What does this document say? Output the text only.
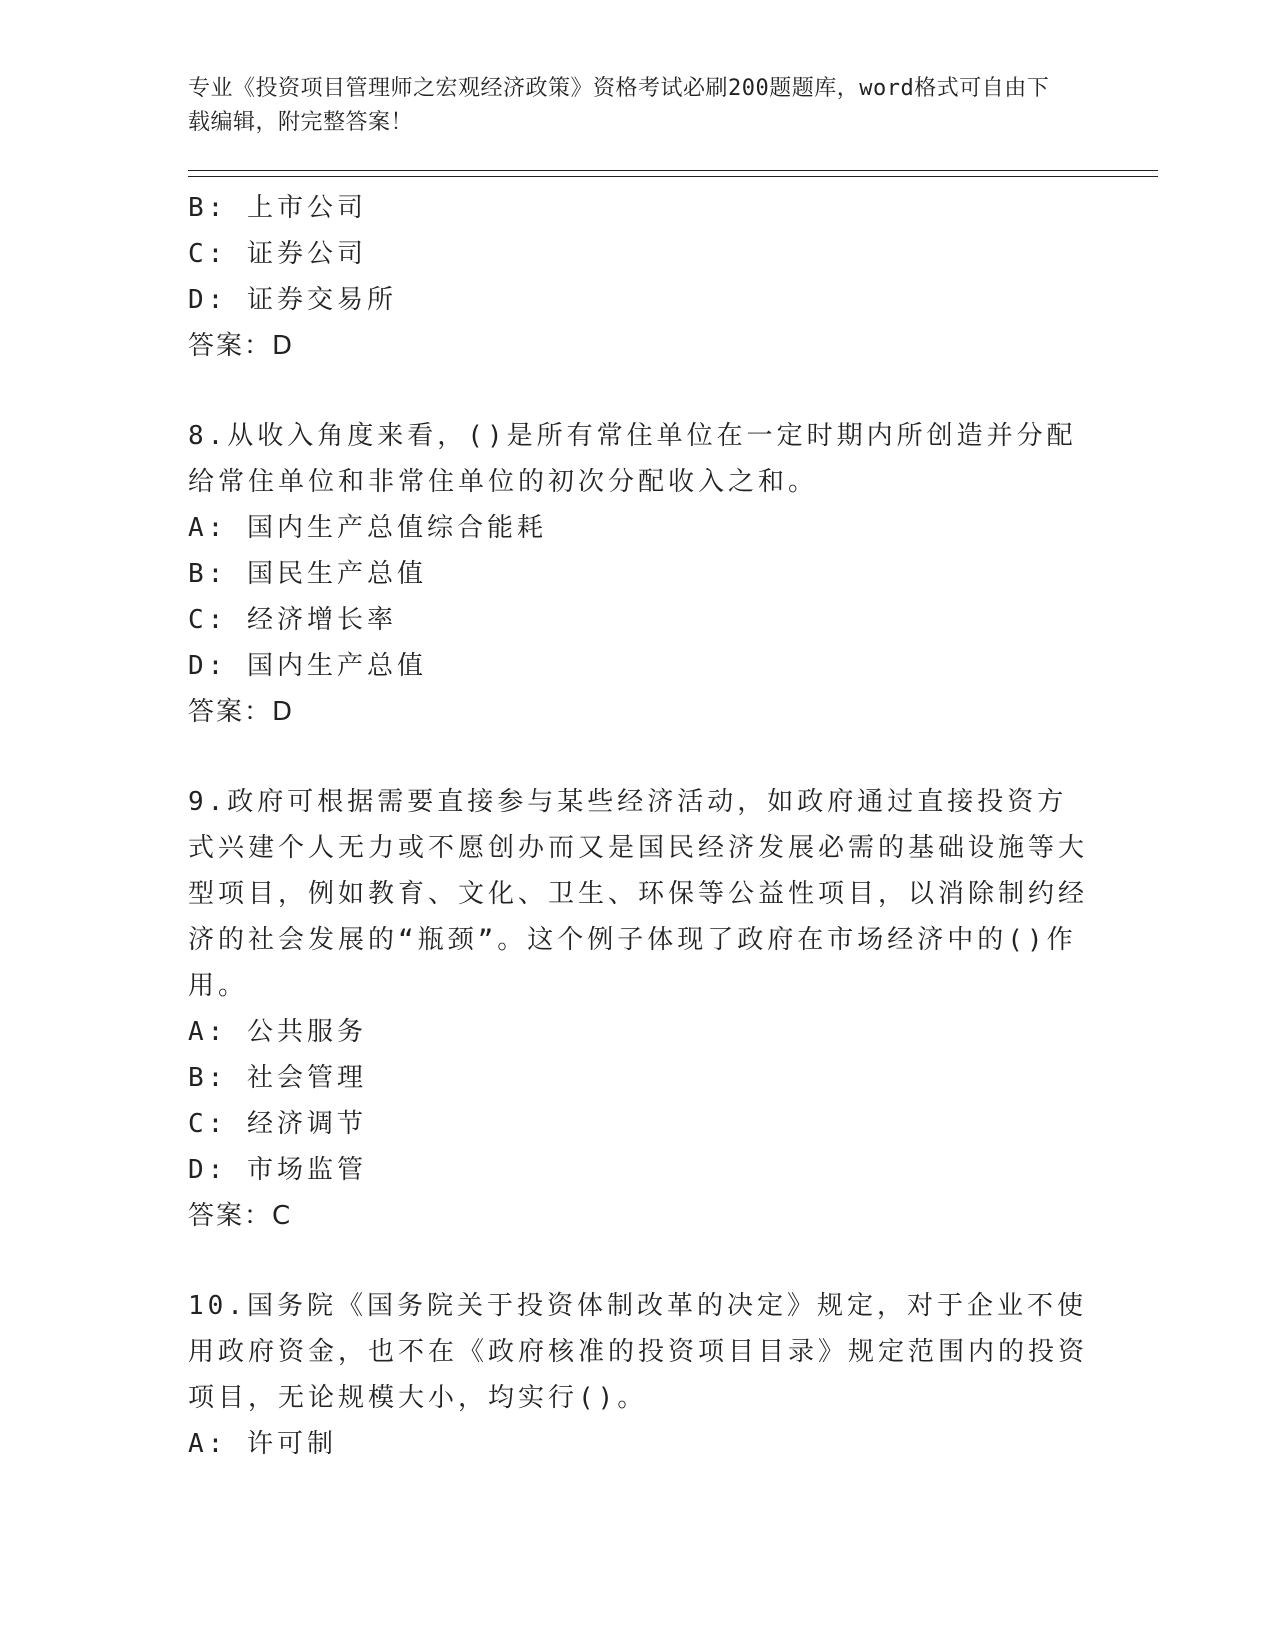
专业《投资项目管理师之宏观经济政策》资格考试必刷200题题库，word格式可自由下载编辑，附完整答案！

B: 上市公司

C: 证券公司

D: 证券交易所

答案：D

8.从收入角度来看，()是所有常住单位在一定时期内所创造并分配给常住单位和非常住单位的初次分配收入之和。

A: 国内生产总值综合能耗

B: 国民生产总值

C: 经济增长率

D: 国内生产总值

答案：D

9.政府可根据需要直接参与某些经济活动，如政府通过直接投资方式兴建个人无力或不愿创办而又是国民经济发展必需的基础设施等大型项目，例如教育、文化、卫生、环保等公益性项目，以消除制约经济的社会发展的“瓶颈”。这个例子体现了政府在市场经济中的()作用。

A: 公共服务

B: 社会管理

C: 经济调节

D: 市场监管

答案：C

10.国务院《国务院关于投资体制改革的决定》规定，对于企业不使用政府资金，也不在《政府核准的投资项目目录》规定范围内的投资项目，无论规模大小，均实行()。

A: 许可制
